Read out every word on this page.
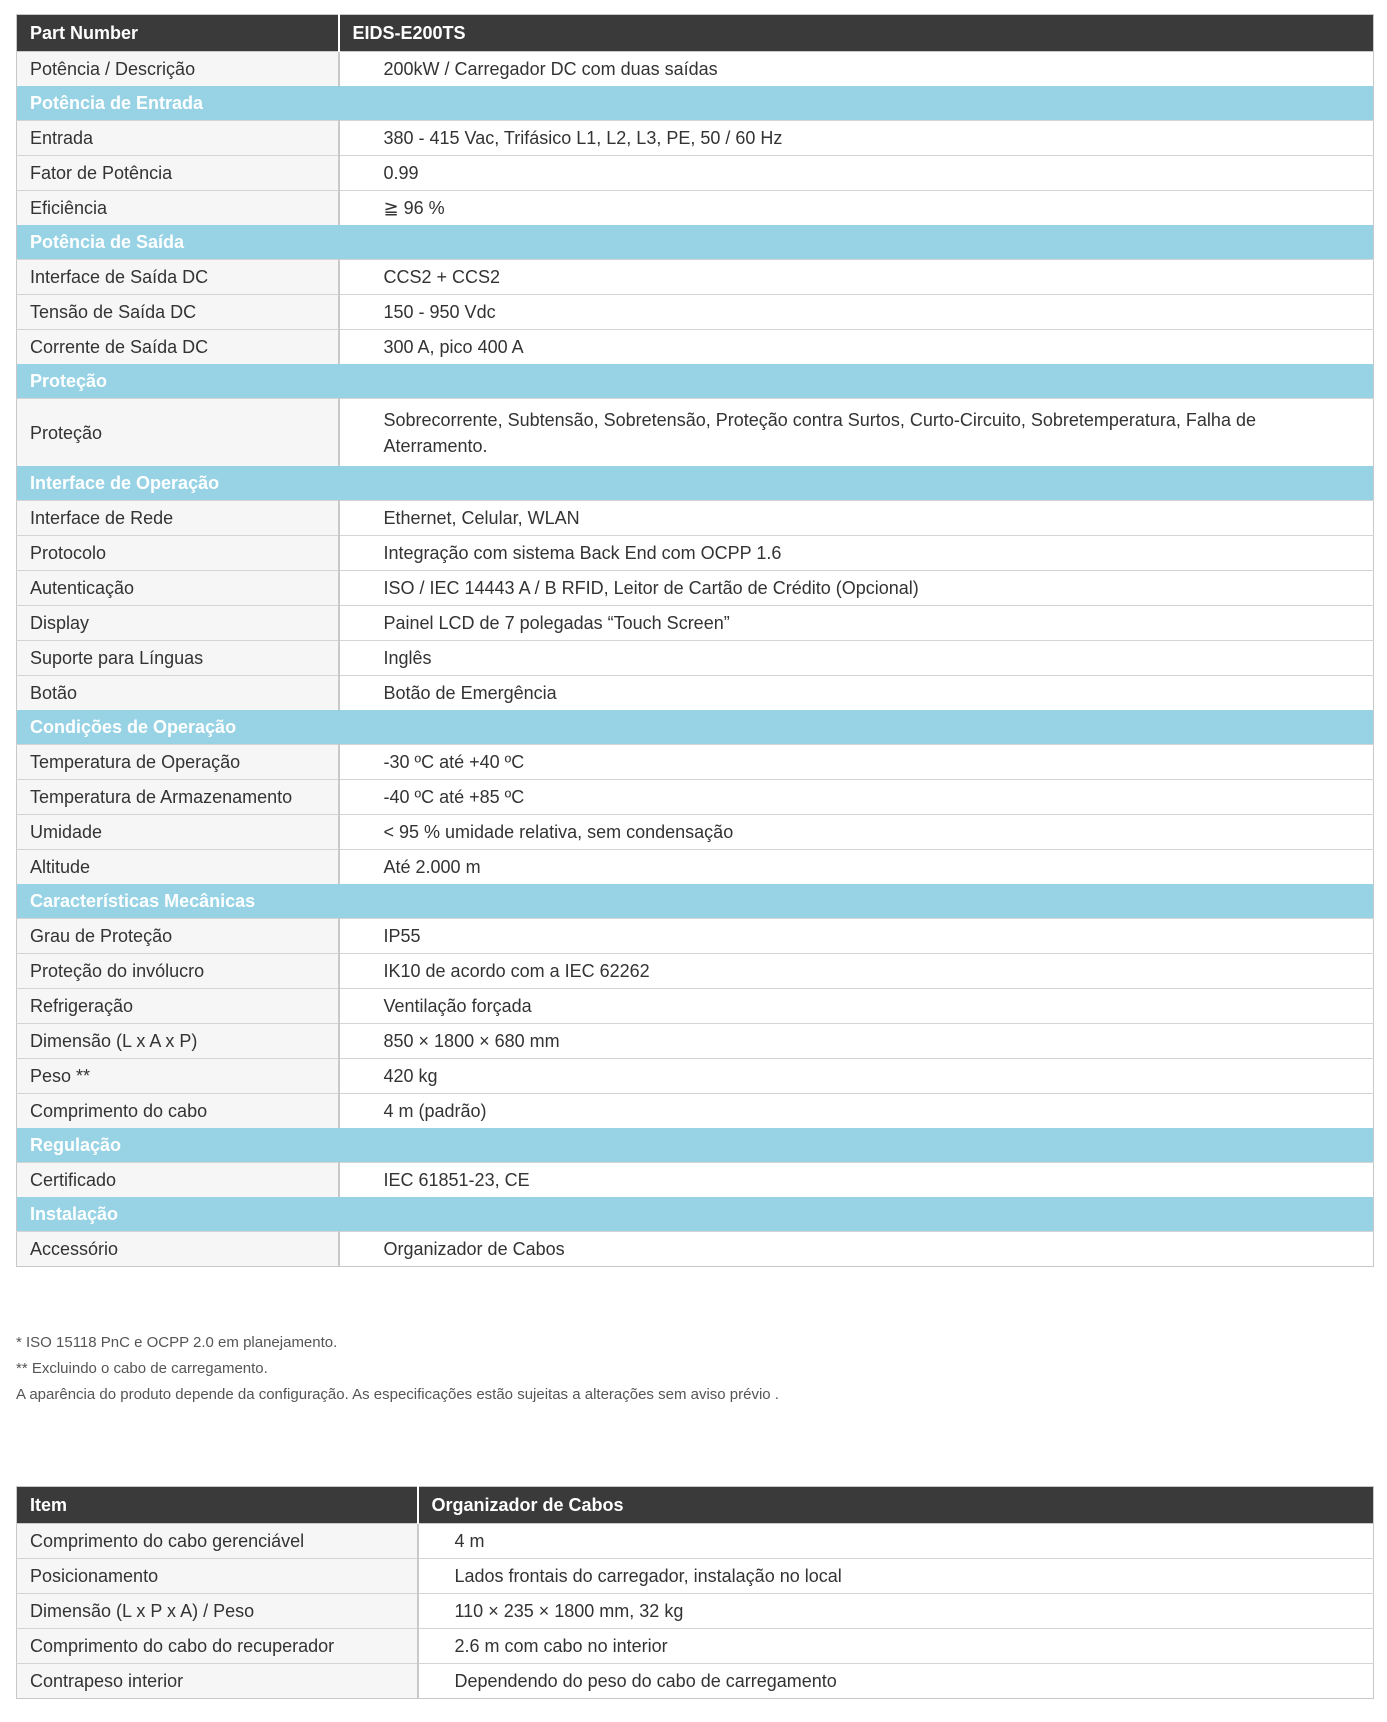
Part Number	EIDS-E200TS
Potência / Descrição	200kW / Carregador DC com duas saídas
Potência de Entrada	
Entrada	380 - 415 Vac, Trifásico L1, L2, L3, PE, 50 / 60 Hz
Fator de Potência	0.99
Eficiência	≧ 96 %
Potência de Saída	
Interface de Saída DC	CCS2 + CCS2
Tensão de Saída DC	150 - 950 Vdc
Corrente de Saída DC	300 A, pico 400 A
Proteção	
Proteção	Sobrecorrente, Subtensão, Sobretensão, Proteção contra Surtos, Curto-Circuito, Sobretemperatura, Falha de Aterramento.
Interface de Operação	
Interface de Rede	Ethernet, Celular, WLAN
Protocolo	Integração com sistema Back End com OCPP 1.6
Autenticação	ISO / IEC 14443 A / B RFID, Leitor de Cartão de Crédito (Opcional)
Display	Painel LCD de 7 polegadas “Touch Screen”
Suporte para Línguas	Inglês
Botão	Botão de Emergência
Condições de Operação	
Temperatura de Operação	-30 ºC até +40 ºC
Temperatura de Armazenamento	-40 ºC até +85 ºC
Umidade	< 95 % umidade relativa, sem condensação
Altitude	Até 2.000 m
Características Mecânicas	
Grau de Proteção	IP55
Proteção do invólucro	IK10 de acordo com a IEC 62262
Refrigeração	Ventilação forçada
Dimensão (L x A x P)	850 × 1800 × 680 mm
Peso **	420 kg
Comprimento do cabo	4 m (padrão)
Regulação	
Certificado	IEC 61851-23, CE
Instalação	
Accessório	Organizador de Cabos
* ISO 15118 PnC e OCPP 2.0 em planejamento.
** Excluindo o cabo de carregamento.
A aparência do produto depende da configuração. As especificações estão sujeitas a alterações sem aviso prévio .
Item	Organizador de Cabos
Comprimento do cabo gerenciável	4 m
Posicionamento	Lados frontais do carregador, instalação no local
Dimensão (L x P x A) / Peso	110 × 235 × 1800 mm, 32 kg
Comprimento do cabo do recuperador	2.6 m com cabo no interior
Contrapeso interior	Dependendo do peso do cabo de carregamento
